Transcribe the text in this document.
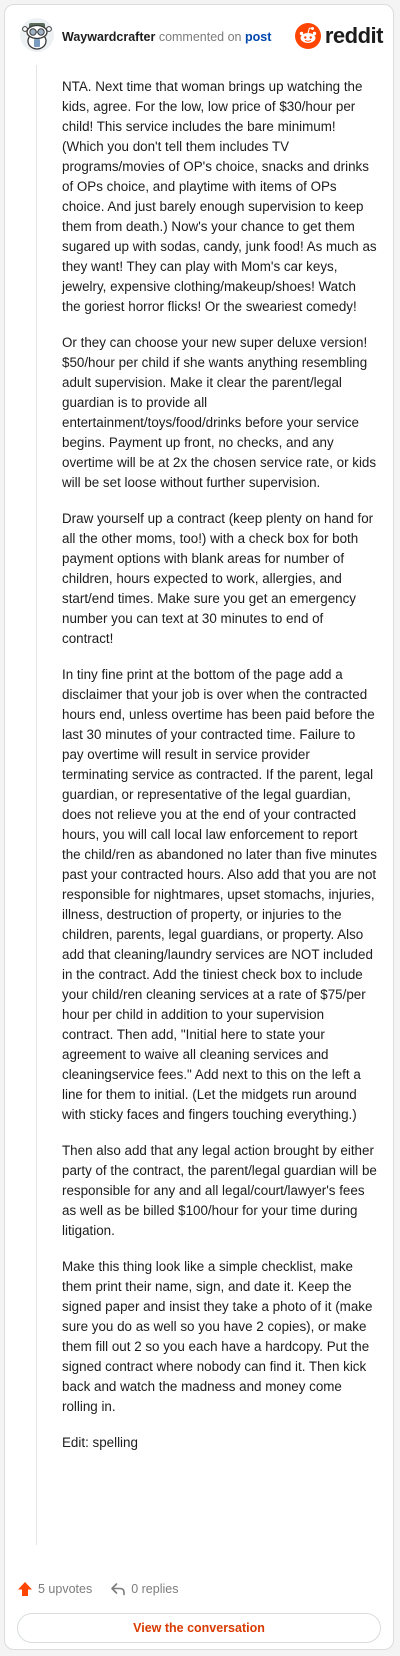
Waywardcrafter commented on post reddit

NTA. Next time that woman brings up watching the kids, agree. For the low, low price of $30/hour per child! This service includes the bare minimum! (Which you don't tell them includes TV programs/movies of OP's choice, snacks and drinks of OPs choice, and playtime with items of OPs choice. And just barely enough supervision to keep them from death.) Now's your chance to get them sugared up with sodas, candy, junk food! As much as they want! They can play with Mom's car keys, jewelry, expensive clothing/makeup/shoes! Watch the goriest horror flicks! Or the sweariest comedy!

Or they can choose your new super deluxe version! $50/hour per child if she wants anything resembling adult supervision. Make it clear the parent/legal guardian is to provide all entertainment/toys/food/drinks before your service begins. Payment up front, no checks, and any overtime will be at 2x the chosen service rate, or kids will be set loose without further supervision.

Draw yourself up a contract (keep plenty on hand for all the other moms, too!) with a check box for both payment options with blank areas for number of children, hours expected to work, allergies, and start/end times. Make sure you get an emergency number you can text at 30 minutes to end of contract!

In tiny fine print at the bottom of the page add a disclaimer that your job is over when the contracted hours end, unless overtime has been paid before the last 30 minutes of your contracted time. Failure to pay overtime will result in service provider terminating service as contracted. If the parent, legal guardian, or representative of the legal guardian, does not relieve you at the end of your contracted hours, you will call local law enforcement to report the child/ren as abandoned no later than five minutes past your contracted hours. Also add that you are not responsible for nightmares, upset stomachs, injuries, illness, destruction of property, or injuries to the children, parents, legal guardians, or property. Also add that cleaning/laundry services are NOT included in the contract. Add the tiniest check box to include your child/ren cleaning services at a rate of $75/per hour per child in addition to your supervision contract. Then add, "Initial here to state your agreement to waive all cleaning services and cleaningservice fees." Add next to this on the left a line for them to initial. (Let the midgets run around with sticky faces and fingers touching everything.)

Then also add that any legal action brought by either party of the contract, the parent/legal guardian will be responsible for any and all legal/court/lawyer's fees as well as be billed $100/hour for your time during litigation.

Make this thing look like a simple checklist, make them print their name, sign, and date it. Keep the signed paper and insist they take a photo of it (make sure you do as well so you have 2 copies), or make them fill out 2 so you each have a hardcopy. Put the signed contract where nobody can find it. Then kick back and watch the madness and money come rolling in.

Edit: spelling

5 upvotes	0 replies
View the conversation
